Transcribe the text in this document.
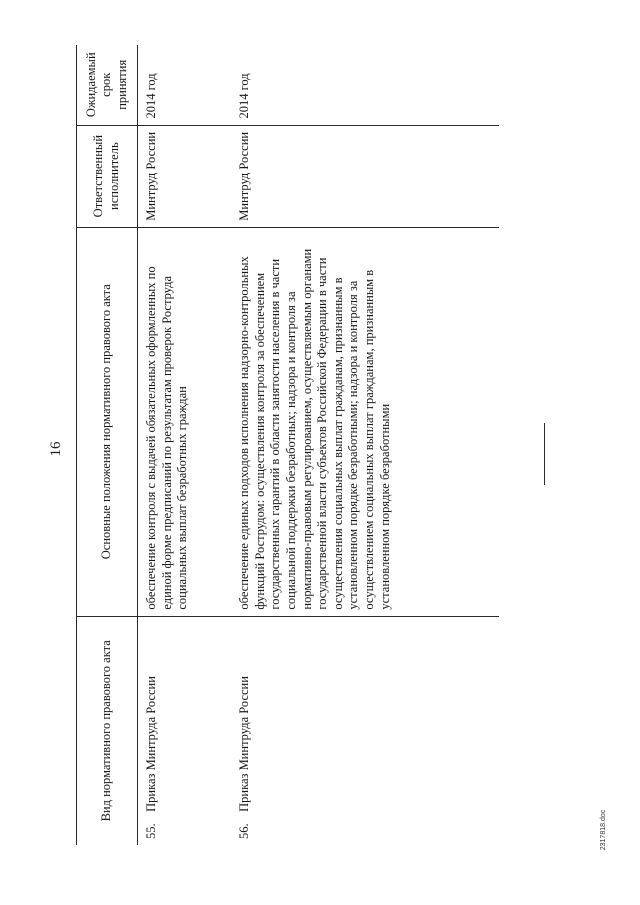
16
Вид нормативного правового акта		Основные положения нормативного правового акта	Ответственный исполнитель	Ожидаемый срок принятия
55.	Приказ Минтруда России	обеспечение контроля с выдачей обязательных оформленных по единой форме предписаний по результатам проверок Роструда социальных выплат безработных граждан	Минтруд России	2014 год
56.	Приказ Минтруда России	обеспечение единых подходов исполнения надзорно-контрольных функций Рострудом: осуществления контроля за обеспечением государственных гарантий в области занятости населения в части социальной поддержки безработных; надзора и контроля за нормативно-правовым регулированием, осуществляемым органами государственной власти субъектов Российской Федерации в части осуществления социальных выплат гражданам, признанным в установленном порядке безработными; надзора и контроля за осуществлением социальных выплат гражданам, признанным в установленном порядке безработными	Минтруд России	2014 год
2317818.doc
